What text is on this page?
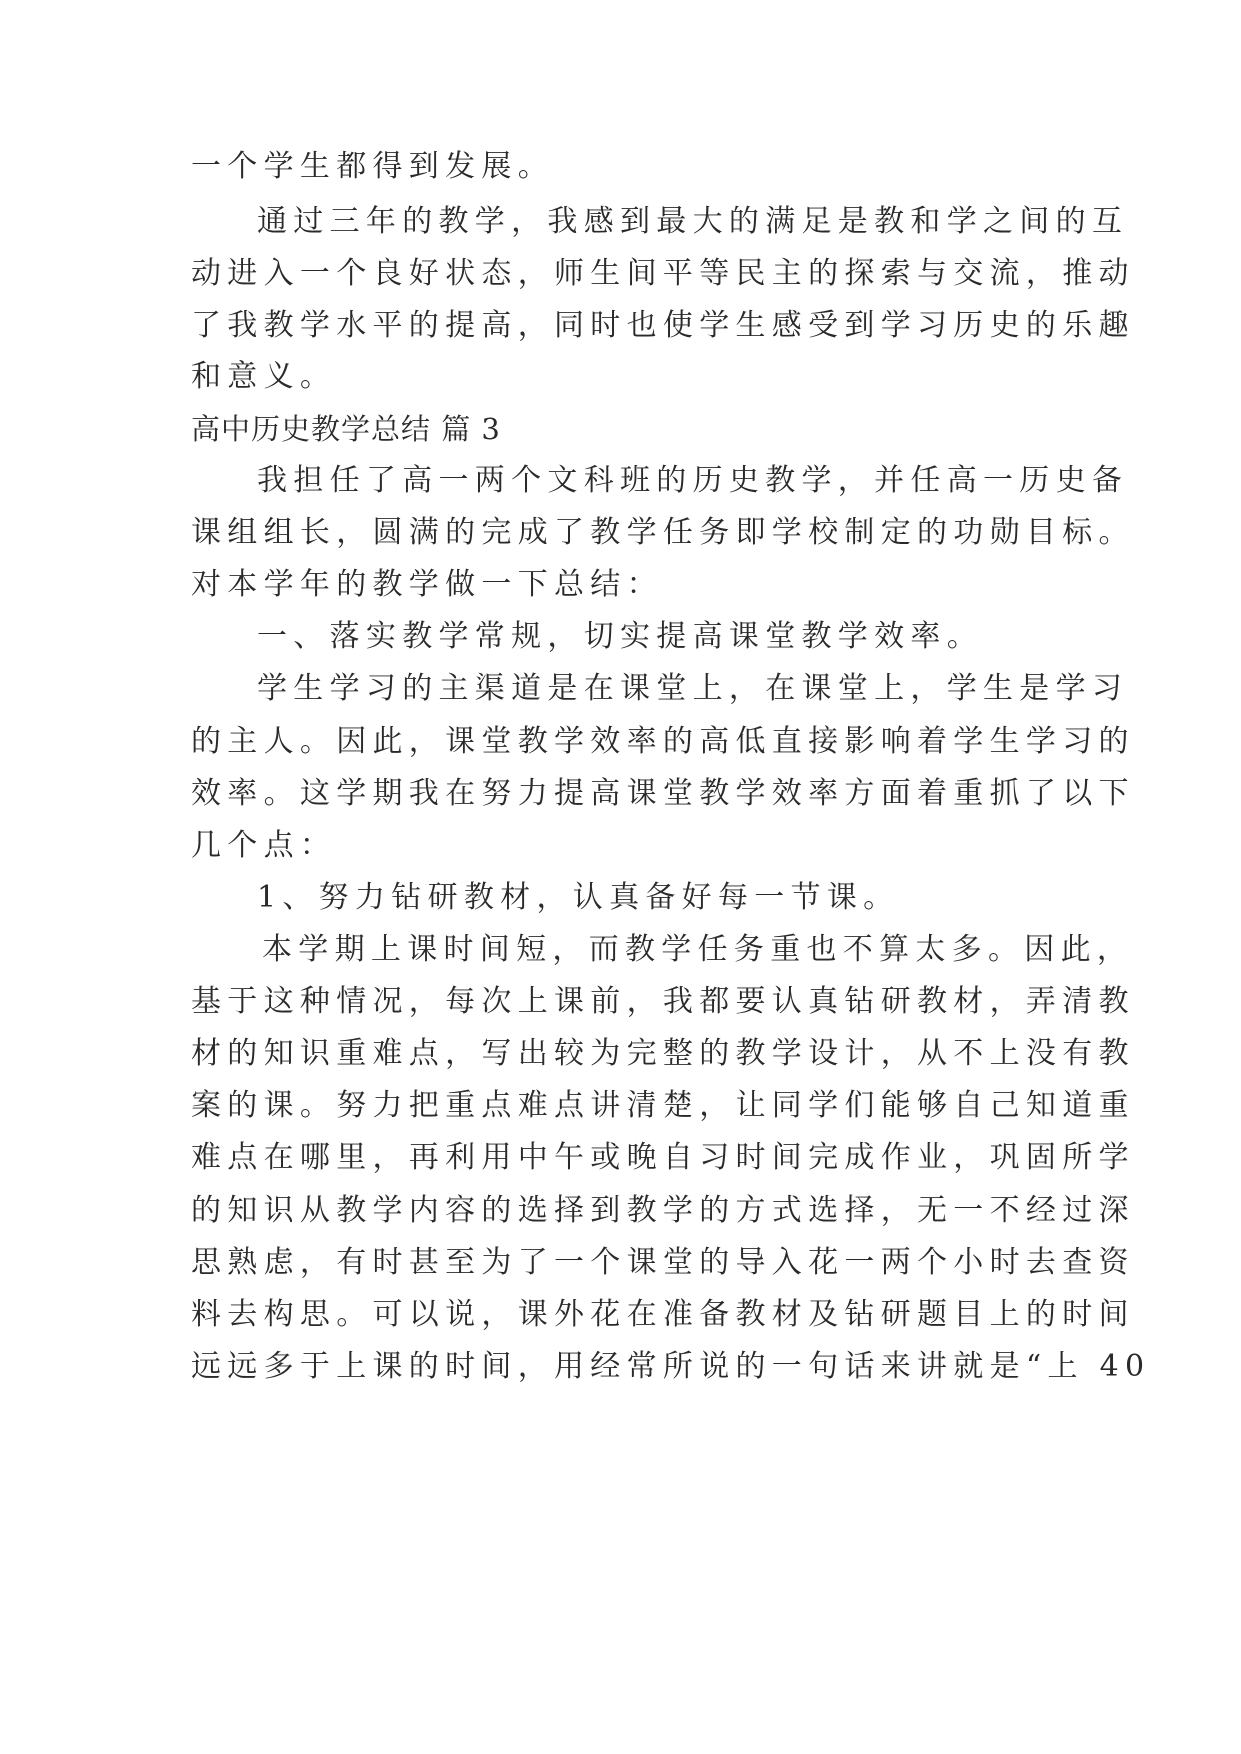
一个学生都得到发展。
通过三年的教学，我感到最大的满足是教和学之间的互
动进入一个良好状态，师生间平等民主的探索与交流，推动
了我教学水平的提高，同时也使学生感受到学习历史的乐趣
和意义。
高中历史教学总结 篇 3
我担任了高一两个文科班的历史教学，并任高一历史备
课组组长，圆满的完成了教学任务即学校制定的功勋目标。
对本学年的教学做一下总结：
一、落实教学常规，切实提高课堂教学效率。
学生学习的主渠道是在课堂上，在课堂上，学生是学习
的主人。因此，课堂教学效率的高低直接影响着学生学习的
效率。这学期我在努力提高课堂教学效率方面着重抓了以下
几个点：
1、努力钻研教材，认真备好每一节课。
本学期上课时间短，而教学任务重也不算太多。因此，
基于这种情况，每次上课前，我都要认真钻研教材，弄清教
材的知识重难点，写出较为完整的教学设计，从不上没有教
案的课。努力把重点难点讲清楚，让同学们能够自己知道重
难点在哪里，再利用中午或晚自习时间完成作业，巩固所学
的知识从教学内容的选择到教学的方式选择，无一不经过深
思熟虑，有时甚至为了一个课堂的导入花一两个小时去查资
料去构思。可以说，课外花在准备教材及钻研题目上的时间
远远多于上课的时间，用经常所说的一句话来讲就是“上 40
